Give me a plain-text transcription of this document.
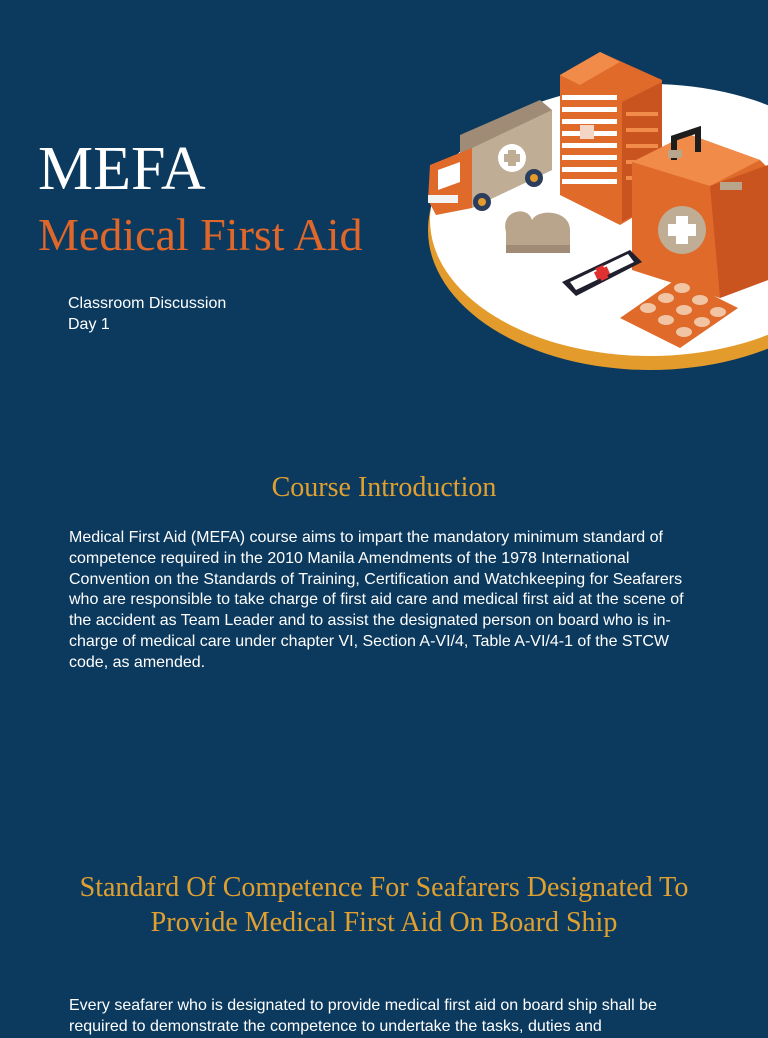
MEFA
Medical First Aid
Classroom Discussion
Day 1
Course Introduction

Medical First Aid (MEFA) course aims to impart the mandatory minimum standard of competence required in the 2010 Manila Amendments of the 1978 International Convention on the Standards of Training, Certification and Watchkeeping for Seafarers who are responsible to take charge of first aid care and medical first aid at the scene of the accident as Team Leader and to assist the designated person on board who is in-charge of medical care under chapter VI, Section A-VI/4, Table A-VI/4-1 of the STCW code, as amended.

Standard Of Competence For Seafarers Designated To Provide Medical First Aid On Board Ship

Every seafarer who is designated to provide medical first aid on board ship shall be required to demonstrate the competence to undertake the tasks, duties and
